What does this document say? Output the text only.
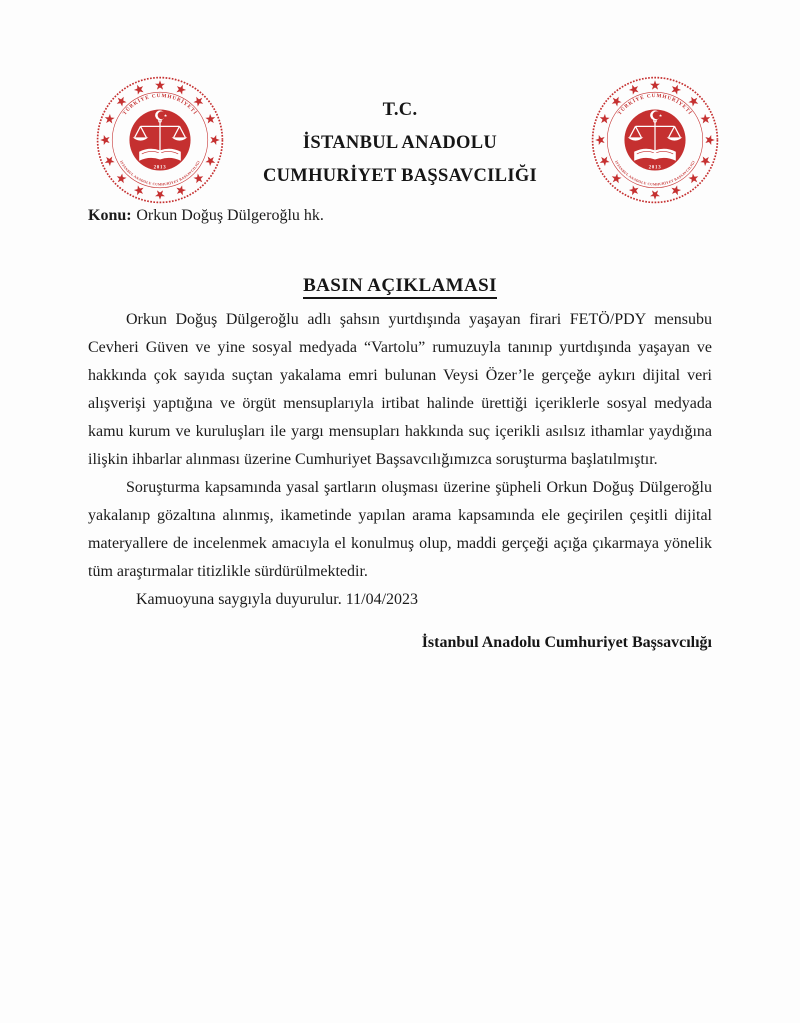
TÜRKİYE CUMHURİYETİ
İSTANBUL ANADOLU CUMHURİYET BAŞSAVCILIĞI
2013
TÜRKİYE CUMHURİYETİ
İSTANBUL ANADOLU CUMHURİYET BAŞSAVCILIĞI
2013
T.C.
İSTANBUL ANADOLU
CUMHURİYET BAŞSAVCILIĞI
Konu: Orkun Doğuş Dülgeroğlu hk.
BASIN AÇIKLAMASI

Orkun Doğuş Dülgeroğlu adlı şahsın yurtdışında yaşayan firari FETÖ/PDY mensubu Cevheri Güven ve yine sosyal medyada “Vartolu” rumuzuyla tanınıp yurtdışında yaşayan ve hakkında çok sayıda suçtan yakalama emri bulunan Veysi Özer’le gerçeğe aykırı dijital veri alışverişi yaptığına ve örgüt mensuplarıyla irtibat halinde ürettiği içeriklerle sosyal medyada kamu kurum ve kuruluşları ile yargı mensupları hakkında suç içerikli asılsız ithamlar yaydığına ilişkin ihbarlar alınması üzerine Cumhuriyet Başsavcılığımızca soruşturma başlatılmıştır.

Soruşturma kapsamında yasal şartların oluşması üzerine şüpheli Orkun Doğuş Dülgeroğlu yakalanıp gözaltına alınmış, ikametinde yapılan arama kapsamında ele geçirilen çeşitli dijital materyallere de incelenmek amacıyla el konulmuş olup, maddi gerçeği açığa çıkarmaya yönelik tüm araştırmalar titizlikle sürdürülmektedir.

Kamuoyuna saygıyla duyurulur. 11/04/2023
İstanbul Anadolu Cumhuriyet Başsavcılığı
